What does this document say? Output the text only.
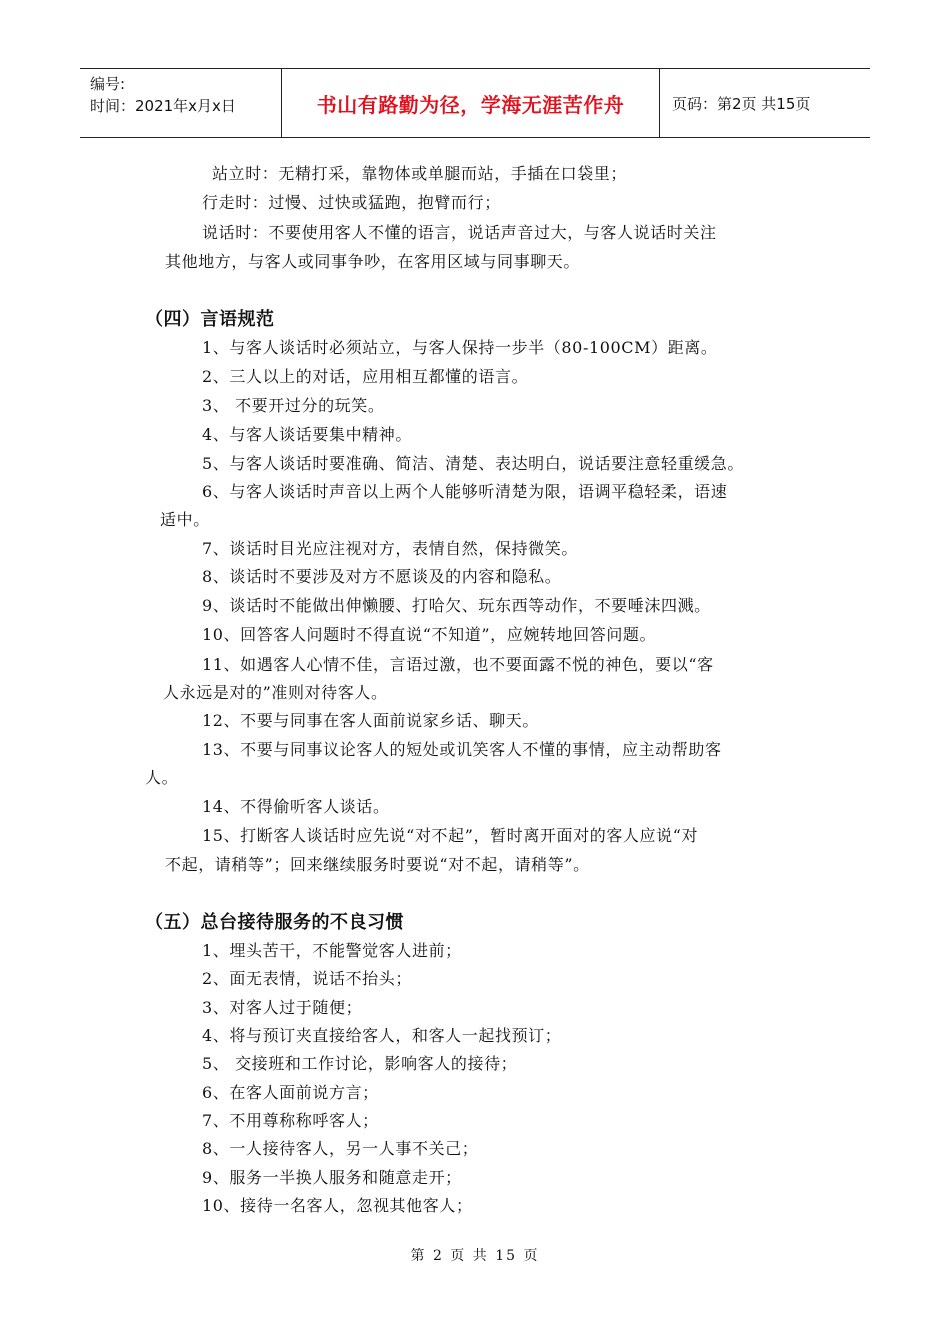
编号:
时间：2021年x月x日	书山有路勤为径，学海无涯苦作舟	页码：第2页 共15页
站立时：无精打采，靠物体或单腿而站，手插在口袋里；
行走时：过慢、过快或猛跑，抱臂而行；
说话时：不要使用客人不懂的语言，说话声音过大，与客人说话时关注
其他地方，与客人或同事争吵，在客用区域与同事聊天。
（四）言语规范
1、与客人谈话时必须站立，与客人保持一步半（80-100CM）距离。
2、三人以上的对话，应用相互都懂的语言。
3、 不要开过分的玩笑。
4、与客人谈话要集中精神。
5、与客人谈话时要准确、简洁、清楚、表达明白，说话要注意轻重缓急。
6、与客人谈话时声音以上两个人能够听清楚为限，语调平稳轻柔，语速
适中。
7、谈话时目光应注视对方，表情自然，保持微笑。
8、谈话时不要涉及对方不愿谈及的内容和隐私。
9、谈话时不能做出伸懒腰、打哈欠、玩东西等动作，不要唾沫四溅。
10、回答客人问题时不得直说“不知道”，应婉转地回答问题。
11、如遇客人心情不佳，言语过激，也不要面露不悦的神色，要以“客
人永远是对的”准则对待客人。
12、不要与同事在客人面前说家乡话、聊天。
13、不要与同事议论客人的短处或讥笑客人不懂的事情，应主动帮助客
人。
14、不得偷听客人谈话。
15、打断客人谈话时应先说“对不起”，暂时离开面对的客人应说“对
不起，请稍等”；回来继续服务时要说“对不起，请稍等”。
（五）总台接待服务的不良习惯
1、埋头苦干，不能警觉客人进前；
2、面无表情，说话不抬头；
3、对客人过于随便；
4、将与预订夹直接给客人，和客人一起找预订；
5、 交接班和工作讨论，影响客人的接待；
6、在客人面前说方言；
7、不用尊称称呼客人；
8、一人接待客人，另一人事不关己；
9、服务一半换人服务和随意走开；
10、接待一名客人，忽视其他客人；
第 2 页 共 15 页
